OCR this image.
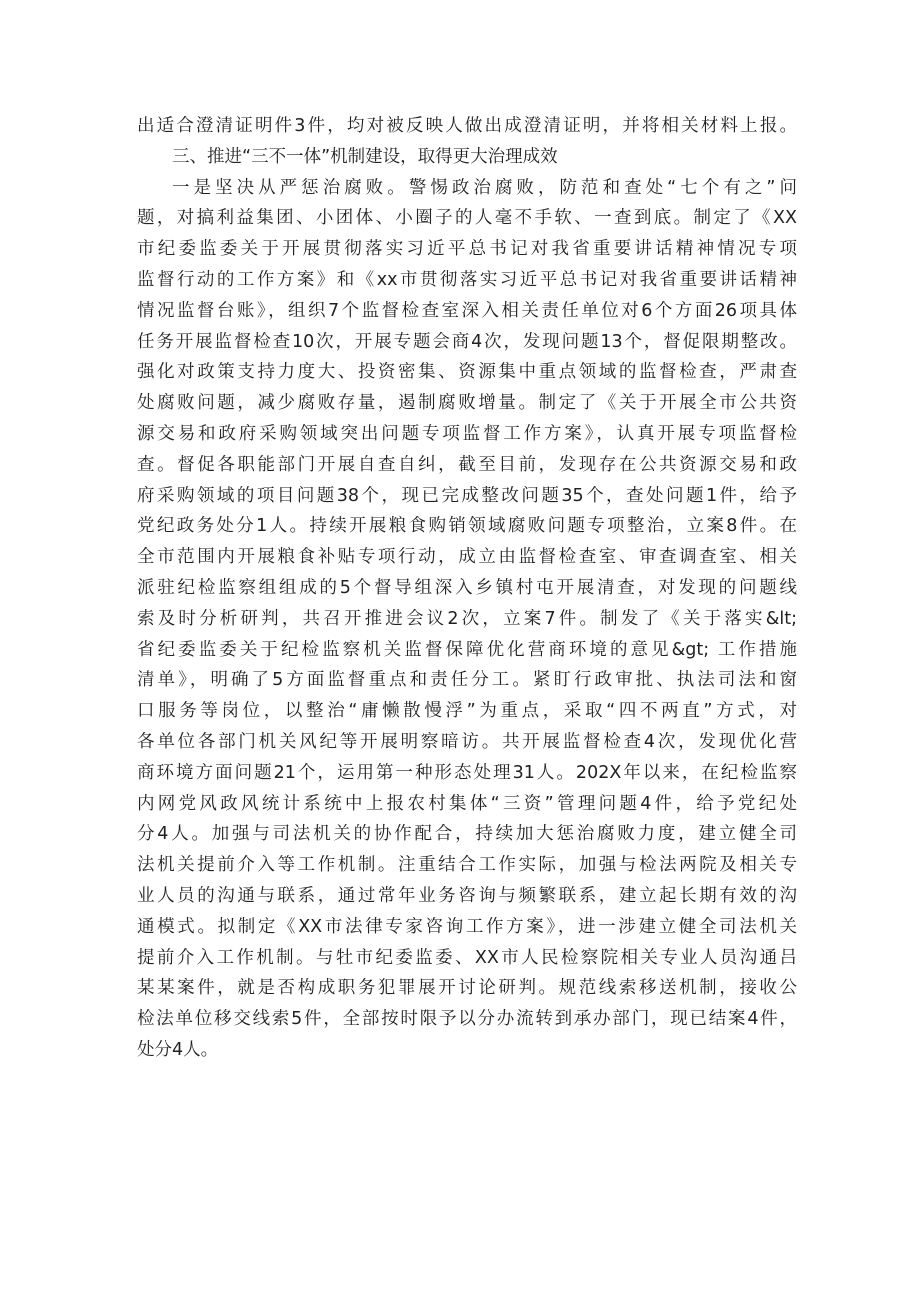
出适合澄清证明件3件，均对被反映人做出成澄清证明，并将相关材料上报。
三、推进“三不一体”机制建设，取得更大治理成效
一是坚决从严惩治腐败。警惕政治腐败，防范和查处“七个有之”问
题，对搞利益集团、小团体、小圈子的人毫不手软、一查到底。制定了《XX
市纪委监委关于开展贯彻落实习近平总书记对我省重要讲话精神情况专项
监督行动的工作方案》和《xx市贯彻落实习近平总书记对我省重要讲话精神
情况监督台账》，组织7个监督检查室深入相关责任单位对6个方面26项具体
任务开展监督检查10次，开展专题会商4次，发现问题13个，督促限期整改。
强化对政策支持力度大、投资密集、资源集中重点领域的监督检查，严肃查
处腐败问题，减少腐败存量，遏制腐败增量。制定了《关于开展全市公共资
源交易和政府采购领域突出问题专项监督工作方案》，认真开展专项监督检
查。督促各职能部门开展自查自纠，截至目前，发现存在公共资源交易和政
府采购领域的项目问题38个，现已完成整改问题35个，查处问题1件，给予
党纪政务处分1人。持续开展粮食购销领域腐败问题专项整治，立案8件。在
全市范围内开展粮食补贴专项行动，成立由监督检查室、审查调查室、相关
派驻纪检监察组组成的5个督导组深入乡镇村屯开展清查，对发现的问题线
索及时分析研判，共召开推进会议2次，立案7件。制发了《关于落实&lt;
省纪委监委关于纪检监察机关监督保障优化营商环境的意见&gt; 工作措施
清单》，明确了5方面监督重点和责任分工。紧盯行政审批、执法司法和窗
口服务等岗位，以整治“庸懒散慢浮”为重点，采取“四不两直”方式，对
各单位各部门机关风纪等开展明察暗访。共开展监督检查4次，发现优化营
商环境方面问题21个，运用第一种形态处理31人。202X年以来，在纪检监察
内网党风政风统计系统中上报农村集体“三资”管理问题4件，给予党纪处
分4人。加强与司法机关的协作配合，持续加大惩治腐败力度，建立健全司
法机关提前介入等工作机制。注重结合工作实际，加强与检法两院及相关专
业人员的沟通与联系，通过常年业务咨询与频繁联系，建立起长期有效的沟
通模式。拟制定《XX市法律专家咨询工作方案》，进一涉建立健全司法机关
提前介入工作机制。与牡市纪委监委、XX市人民检察院相关专业人员沟通吕
某某案件，就是否构成职务犯罪展开讨论研判。规范线索移送机制，接收公
检法单位移交线索5件，全部按时限予以分办流转到承办部门，现已结案4件，
处分4人。
